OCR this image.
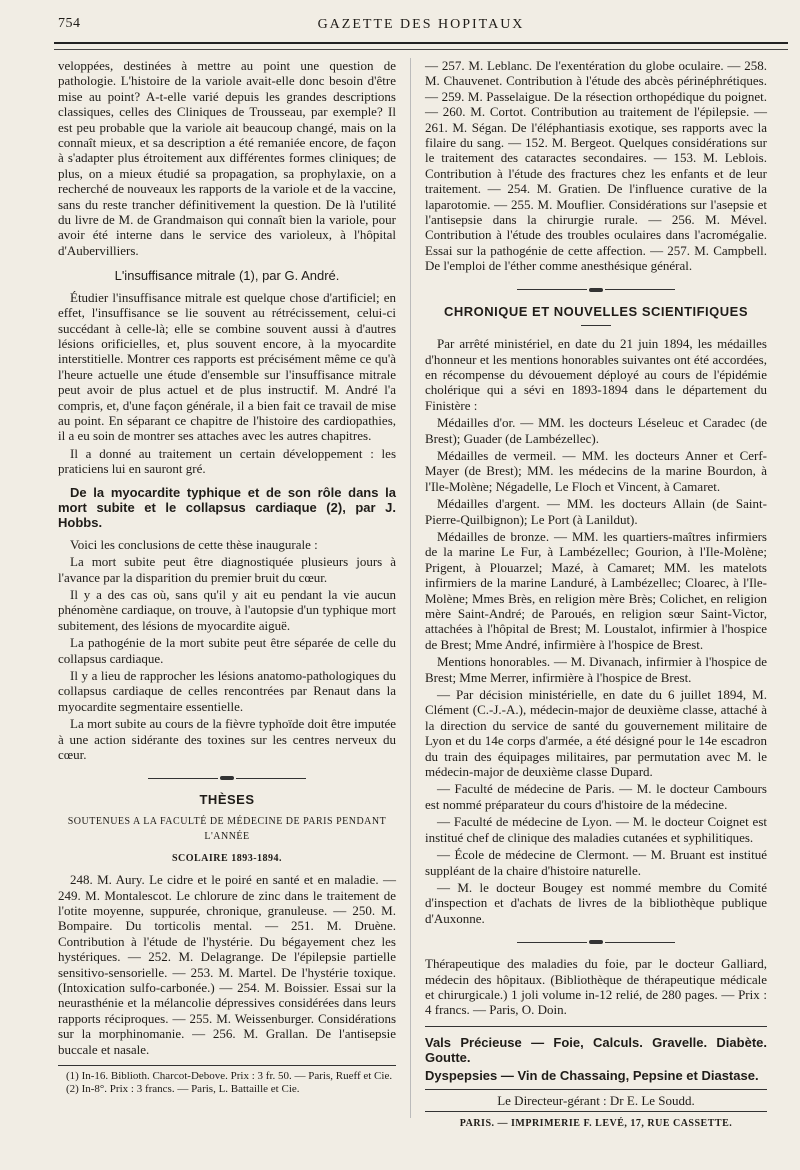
754	GAZETTE DES HOPITAUX

veloppées, destinées à mettre au point une question de pathologie. L'histoire de la variole avait-elle donc besoin d'être mise au point? A-t-elle varié depuis les grandes descriptions classiques, celles des Cliniques de Trousseau, par exemple? Il est peu probable que la variole ait beaucoup changé, mais on la connaît mieux, et sa description a été remaniée encore, de façon à s'adapter plus étroitement aux différentes formes cliniques; de plus, on a mieux étudié sa propagation, sa prophylaxie, on a recherché de nouveaux les rapports de la variole et de la vaccine, sans du reste trancher définitivement la question. De là l'utilité du livre de M. de Grandmaison qui connaît bien la variole, pour avoir été interne dans le service des varioleux, à l'hôpital d'Aubervilliers.

L'insuffisance mitrale (1), par G. André.

Étudier l'insuffisance mitrale est quelque chose d'artificiel; en effet, l'insuffisance se lie souvent au rétrécissement, celui-ci succédant à celle-là; elle se combine souvent aussi à d'autres lésions orificielles, et, plus souvent encore, à la myocardite interstitielle. Montrer ces rapports est précisément même ce qu'à l'heure actuelle une étude d'ensemble sur l'insuffisance mitrale peut avoir de plus actuel et de plus instructif. M. André l'a compris, et, d'une façon générale, il a bien fait ce travail de mise au point. En séparant ce chapitre de l'histoire des cardiopathies, il a eu soin de montrer ses attaches avec les autres chapitres.

Il a donné au traitement un certain développement : les praticiens lui en sauront gré.

De la myocardite typhique et de son rôle dans la mort subite et le collapsus cardiaque (2), par J. Hobbs.

Voici les conclusions de cette thèse inaugurale :

La mort subite peut être diagnostiquée plusieurs jours à l'avance par la disparition du premier bruit du cœur.

Il y a des cas où, sans qu'il y ait eu pendant la vie aucun phénomène cardiaque, on trouve, à l'autopsie d'un typhique mort subitement, des lésions de myocardite aiguë.

La pathogénie de la mort subite peut être séparée de celle du collapsus cardiaque.

Il y a lieu de rapprocher les lésions anatomo-pathologiques du collapsus cardiaque de celles rencontrées par Renaut dans la myocardite segmentaire essentielle.

La mort subite au cours de la fièvre typhoïde doit être imputée à une action sidérante des toxines sur les centres nerveux du cœur.

THÈSES
SOUTENUES A LA FACULTÉ DE MÉDECINE DE PARIS PENDANT L'ANNÉE
SCOLAIRE 1893-1894.

248. M. Aury. Le cidre et le poiré en santé et en maladie. — 249. M. Montalescot. Le chlorure de zinc dans le traitement de l'otite moyenne, suppurée, chronique, granuleuse. — 250. M. Bompaire. Du torticolis mental. — 251. M. Druène. Contribution à l'étude de l'hystérie. Du bégayement chez les hystériques. — 252. M. Delagrange. De l'épilepsie partielle sensitivo-sensorielle. — 253. M. Martel. De l'hystérie toxique. (Intoxication sulfo-carbonée.) — 254. M. Boissier. Essai sur la neurasthénie et la mélancolie dépressives considérées dans leurs rapports réciproques. — 255. M. Weissenburger. Considérations sur la morphinomanie. — 256. M. Grallan. De l'antisepsie buccale et nasale.

(1) In-16. Biblioth. Charcot-Debove. Prix : 3 fr. 50. — Paris, Rueff et Cie.

(2) In-8°. Prix : 3 francs. — Paris, L. Battaille et Cie.

— 257. M. Leblanc. De l'exentération du globe oculaire. — 258. M. Chauvenet. Contribution à l'étude des abcès périnéphrétiques. — 259. M. Passelaigue. De la résection orthopédique du poignet. — 260. M. Cortot. Contribution au traitement de l'épilepsie. — 261. M. Ségan. De l'éléphantiasis exotique, ses rapports avec la filaire du sang. — 152. M. Bergeot. Quelques considérations sur le traitement des cataractes secondaires. — 153. M. Leblois. Contribution à l'étude des fractures chez les enfants et de leur traitement. — 254. M. Gratien. De l'influence curative de la laparotomie. — 255. M. Mouflier. Considérations sur l'asepsie et l'antisepsie dans la chirurgie rurale. — 256. M. Mével. Contribution à l'étude des troubles oculaires dans l'acromégalie. Essai sur la pathogénie de cette affection. — 257. M. Campbell. De l'emploi de l'éther comme anesthésique général.

CHRONIQUE ET NOUVELLES SCIENTIFIQUES

Par arrêté ministériel, en date du 21 juin 1894, les médailles d'honneur et les mentions honorables suivantes ont été accordées, en récompense du dévouement déployé au cours de l'épidémie cholérique qui a sévi en 1893-1894 dans le département du Finistère :

Médailles d'or. — MM. les docteurs Léseleuc et Caradec (de Brest); Guader (de Lambézellec).

Médailles de vermeil. — MM. les docteurs Anner et Cerf-Mayer (de Brest); MM. les médecins de la marine Bourdon, à l'Ile-Molène; Négadelle, Le Floch et Vincent, à Camaret.

Médailles d'argent. — MM. les docteurs Allain (de Saint-Pierre-Quilbignon); Le Port (à Lanildut).

Médailles de bronze. — MM. les quartiers-maîtres infirmiers de la marine Le Fur, à Lambézellec; Gourion, à l'Ile-Molène; Prigent, à Plouarzel; Mazé, à Camaret; MM. les matelots infirmiers de la marine Landuré, à Lambézellec; Cloarec, à l'Ile-Molène; Mmes Brès, en religion mère Brès; Colichet, en religion mère Saint-André; de Paroués, en religion sœur Saint-Victor, attachées à l'hôpital de Brest; M. Loustalot, infirmier à l'hospice de Brest; Mme André, infirmière à l'hospice de Brest.

Mentions honorables. — M. Divanach, infirmier à l'hospice de Brest; Mme Merrer, infirmière à l'hospice de Brest.

— Par décision ministérielle, en date du 6 juillet 1894, M. Clément (C.-J.-A.), médecin-major de deuxième classe, attaché à la direction du service de santé du gouvernement militaire de Lyon et du 14e corps d'armée, a été désigné pour le 14e escadron du train des équipages militaires, par permutation avec M. le médecin-major de deuxième classe Dupard.

— Faculté de médecine de Paris. — M. le docteur Cambours est nommé préparateur du cours d'histoire de la médecine.

— Faculté de médecine de Lyon. — M. le docteur Coignet est institué chef de clinique des maladies cutanées et syphilitiques.

— École de médecine de Clermont. — M. Bruant est institué suppléant de la chaire d'histoire naturelle.

— M. le docteur Bougey est nommé membre du Comité d'inspection et d'achats de livres de la bibliothèque publique d'Auxonne.

Thérapeutique des maladies du foie, par le docteur Galliard, médecin des hôpitaux. (Bibliothèque de thérapeutique médicale et chirurgicale.) 1 joli volume in-12 relié, de 280 pages. — Prix : 4 francs. — Paris, O. Doin.

Vals Précieuse — Foie, Calculs. Gravelle. Diabète. Goutte.

Dyspepsies — Vin de Chassaing, Pepsine et Diastase.

Le Directeur-gérant : Dr E. Le Soudd.
PARIS. — IMPRIMERIE F. LEVÉ, 17, RUE CASSETTE.
